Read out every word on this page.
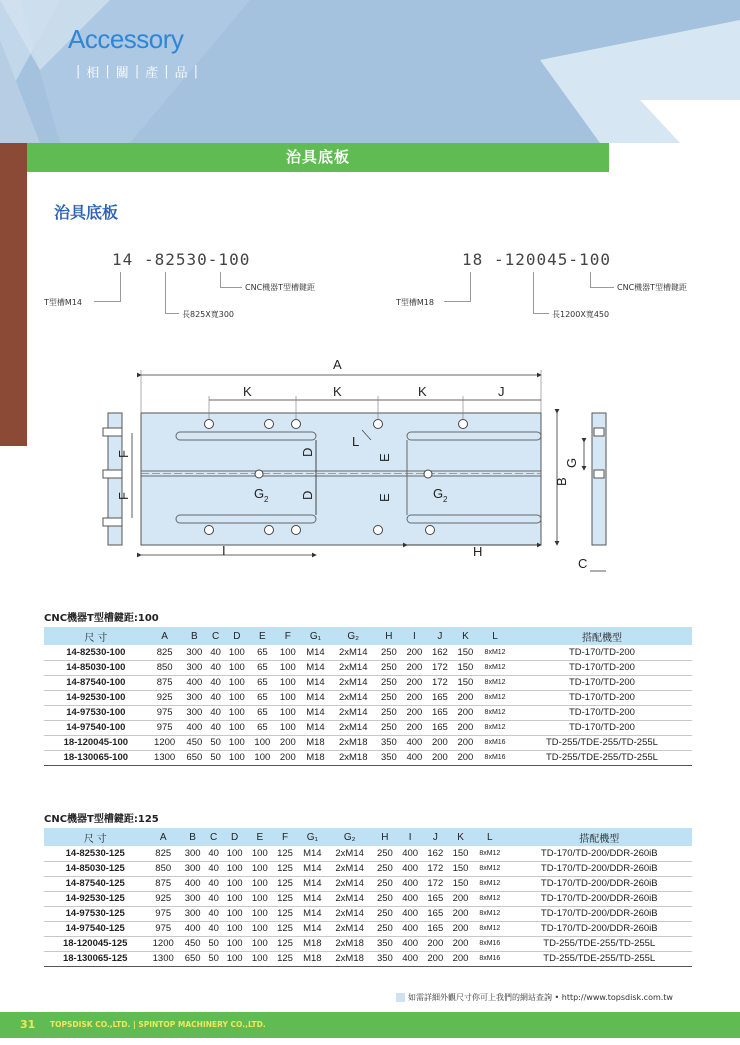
Accessory
| 相 | 關 | 產 | 品 |
治具底板
治具底板
14 -82530-100
T型槽M14
長825X寬300
CNC機器T型槽鍵距
18 -120045-100
T型槽M18
長1200X寬450
CNC機器T型槽鍵距
A
K	K	K	J
L
I	H
C
G 2	G 2
D
D
E
E
F
F
B
G
CNC機器T型槽鍵距:100
尺 寸	A	B	C	D	E	F	G₁	G₂	H	I	J	K	L	搭配機型
14-82530-100	825	300	40	100	65	100	M14	2xM14	250	200	162	150	8xM12	TD-170/TD-200
14-85030-100	850	300	40	100	65	100	M14	2xM14	250	200	172	150	8xM12	TD-170/TD-200
14-87540-100	875	400	40	100	65	100	M14	2xM14	250	200	172	150	8xM12	TD-170/TD-200
14-92530-100	925	300	40	100	65	100	M14	2xM14	250	200	165	200	8xM12	TD-170/TD-200
14-97530-100	975	300	40	100	65	100	M14	2xM14	250	200	165	200	8xM12	TD-170/TD-200
14-97540-100	975	400	40	100	65	100	M14	2xM14	250	200	165	200	8xM12	TD-170/TD-200
18-120045-100	1200	450	50	100	100	200	M18	2xM18	350	400	200	200	8xM16	TD-255/TDE-255/TD-255L
18-130065-100	1300	650	50	100	100	200	M18	2xM18	350	400	200	200	8xM16	TD-255/TDE-255/TD-255L
CNC機器T型槽鍵距:125
尺 寸	A	B	C	D	E	F	G₁	G₂	H	I	J	K	L	搭配機型
14-82530-125	825	300	40	100	100	125	M14	2xM14	250	400	162	150	8xM12	TD-170/TD-200/DDR-260iB
14-85030-125	850	300	40	100	100	125	M14	2xM14	250	400	172	150	8xM12	TD-170/TD-200/DDR-260iB
14-87540-125	875	400	40	100	100	125	M14	2xM14	250	400	172	150	8xM12	TD-170/TD-200/DDR-260iB
14-92530-125	925	300	40	100	100	125	M14	2xM14	250	400	165	200	8xM12	TD-170/TD-200/DDR-260iB
14-97530-125	975	300	40	100	100	125	M14	2xM14	250	400	165	200	8xM12	TD-170/TD-200/DDR-260iB
14-97540-125	975	400	40	100	100	125	M14	2xM14	250	400	165	200	8xM12	TD-170/TD-200/DDR-260iB
18-120045-125	1200	450	50	100	100	125	M18	2xM18	350	400	200	200	8xM16	TD-255/TDE-255/TD-255L
18-130065-125	1300	650	50	100	100	125	M18	2xM18	350	400	200	200	8xM16	TD-255/TDE-255/TD-255L
如需詳細外觀尺寸你可上我們的網站查詢 • http://www.topsdisk.com.tw
31 TOPSDISK CO.,LTD. | SPINTOP MACHINERY CO.,LTD.
